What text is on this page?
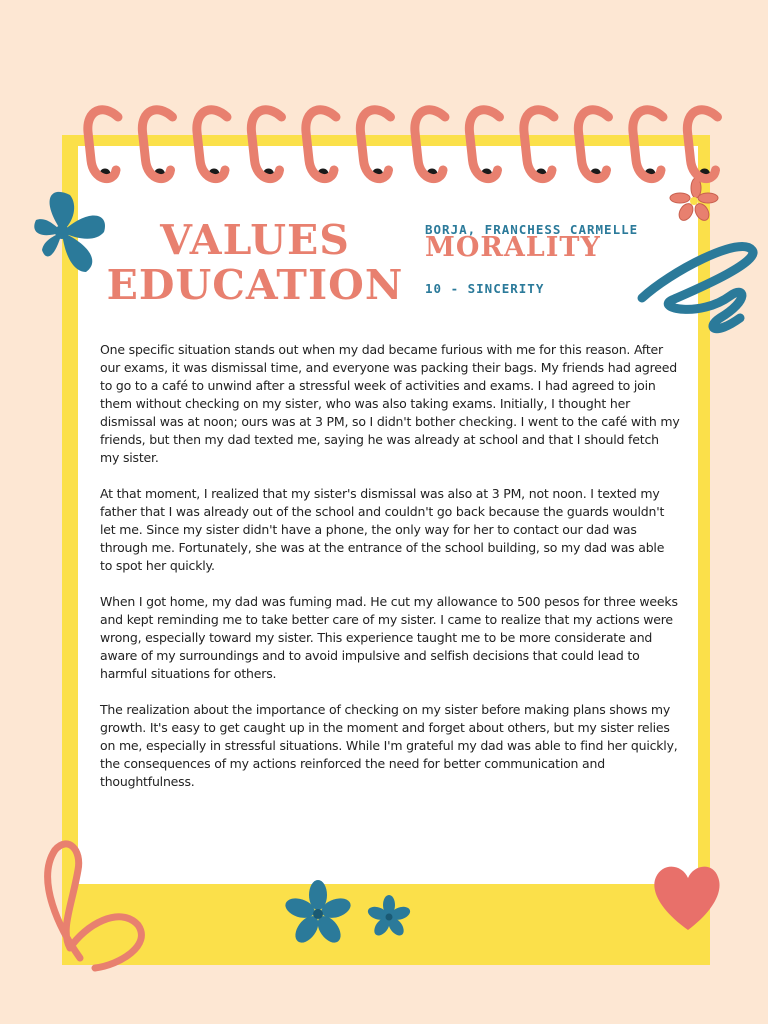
VALUES
EDUCATION
MORALITY
BORJA, FRANCHESS CARMELLE
10 - SINCERITY

One specific situation stands out when my dad became furious with me for this reason. After our exams, it was dismissal time, and everyone was packing their bags. My friends had agreed to go to a café to unwind after a stressful week of activities and exams. I had agreed to join them without checking on my sister, who was also taking exams. Initially, I thought her dismissal was at noon; ours was at 3 PM, so I didn't bother checking. I went to the café with my friends, but then my dad texted me, saying he was already at school and that I should fetch my sister.

At that moment, I realized that my sister's dismissal was also at 3 PM, not noon. I texted my father that I was already out of the school and couldn't go back because the guards wouldn't let me. Since my sister didn't have a phone, the only way for her to contact our dad was through me. Fortunately, she was at the entrance of the school building, so my dad was able to spot her quickly.

When I got home, my dad was fuming mad. He cut my allowance to 500 pesos for three weeks and kept reminding me to take better care of my sister. I came to realize that my actions were wrong, especially toward my sister. This experience taught me to be more considerate and aware of my surroundings and to avoid impulsive and selfish decisions that could lead to harmful situations for others.

The realization about the importance of checking on my sister before making plans shows my growth. It's easy to get caught up in the moment and forget about others, but my sister relies on me, especially in stressful situations. While I'm grateful my dad was able to find her quickly, the consequences of my actions reinforced the need for better communication and thoughtfulness.
